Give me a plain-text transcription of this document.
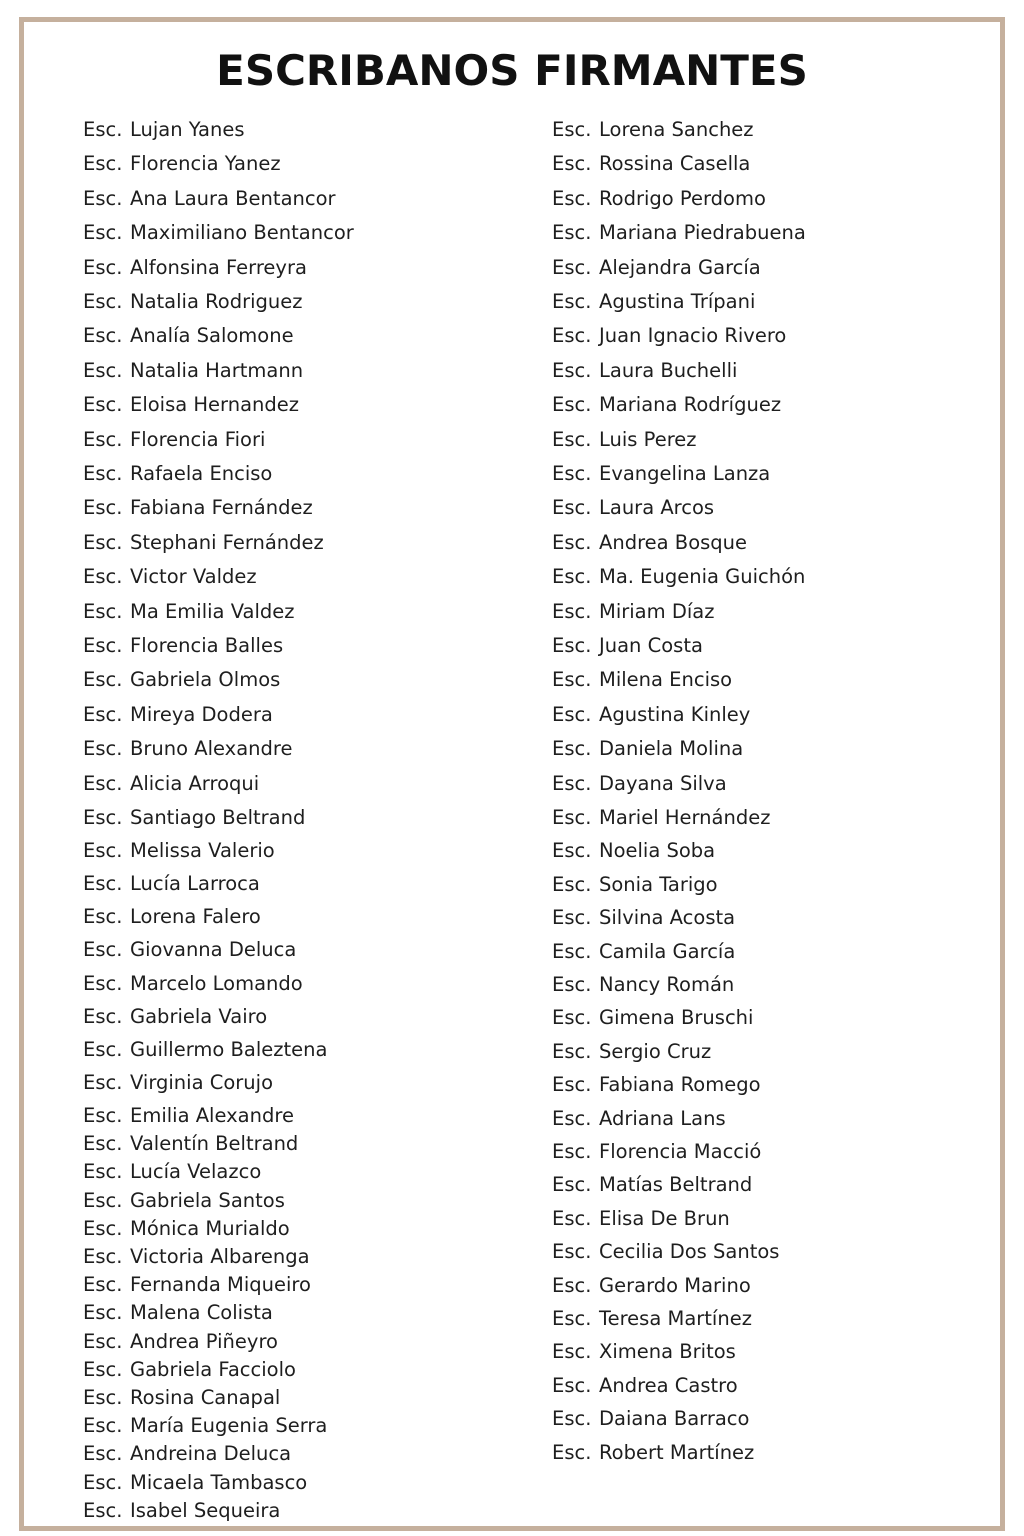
ESCRIBANOS FIRMANTES
Esc. Lujan Yanes
Esc. Florencia Yanez
Esc. Ana Laura Bentancor
Esc. Maximiliano Bentancor
Esc. Alfonsina Ferreyra
Esc. Natalia Rodriguez
Esc. Analía Salomone
Esc. Natalia Hartmann
Esc. Eloisa Hernandez
Esc. Florencia Fiori
Esc. Rafaela Enciso
Esc. Fabiana Fernández
Esc. Stephani Fernández
Esc. Victor Valdez
Esc. Ma Emilia Valdez
Esc. Florencia Balles
Esc. Gabriela Olmos
Esc. Mireya Dodera
Esc. Bruno Alexandre
Esc. Alicia Arroqui
Esc. Santiago Beltrand
Esc. Melissa Valerio
Esc. Lucía Larroca
Esc. Lorena Falero
Esc. Giovanna Deluca
Esc. Marcelo Lomando
Esc. Gabriela Vairo
Esc. Guillermo Baleztena
Esc. Virginia Corujo
Esc. Emilia Alexandre
Esc. Valentín Beltrand
Esc. Lucía Velazco
Esc. Gabriela Santos
Esc. Mónica Murialdo
Esc. Victoria Albarenga
Esc. Fernanda Miqueiro
Esc. Malena Colista
Esc. Andrea Piñeyro
Esc. Gabriela Facciolo
Esc. Rosina Canapal
Esc. María Eugenia Serra
Esc. Andreina Deluca
Esc. Micaela Tambasco
Esc. Isabel Sequeira
Esc. Lorena Sanchez
Esc. Rossina Casella
Esc. Rodrigo Perdomo
Esc. Mariana Piedrabuena
Esc. Alejandra García
Esc. Agustina Trípani
Esc. Juan Ignacio Rivero
Esc. Laura Buchelli
Esc. Mariana Rodríguez
Esc. Luis Perez
Esc. Evangelina Lanza
Esc. Laura Arcos
Esc. Andrea Bosque
Esc. Ma. Eugenia Guichón
Esc. Miriam Díaz
Esc. Juan Costa
Esc. Milena Enciso
Esc. Agustina Kinley
Esc. Daniela Molina
Esc. Dayana Silva
Esc. Mariel Hernández
Esc. Noelia Soba
Esc. Sonia Tarigo
Esc. Silvina Acosta
Esc. Camila García
Esc. Nancy Román
Esc. Gimena Bruschi
Esc. Sergio Cruz
Esc. Fabiana Romego
Esc. Adriana Lans
Esc. Florencia Macció
Esc. Matías Beltrand
Esc. Elisa De Brun
Esc. Cecilia Dos Santos
Esc. Gerardo Marino
Esc. Teresa Martínez
Esc. Ximena Britos
Esc. Andrea Castro
Esc. Daiana Barraco
Esc. Robert Martínez
